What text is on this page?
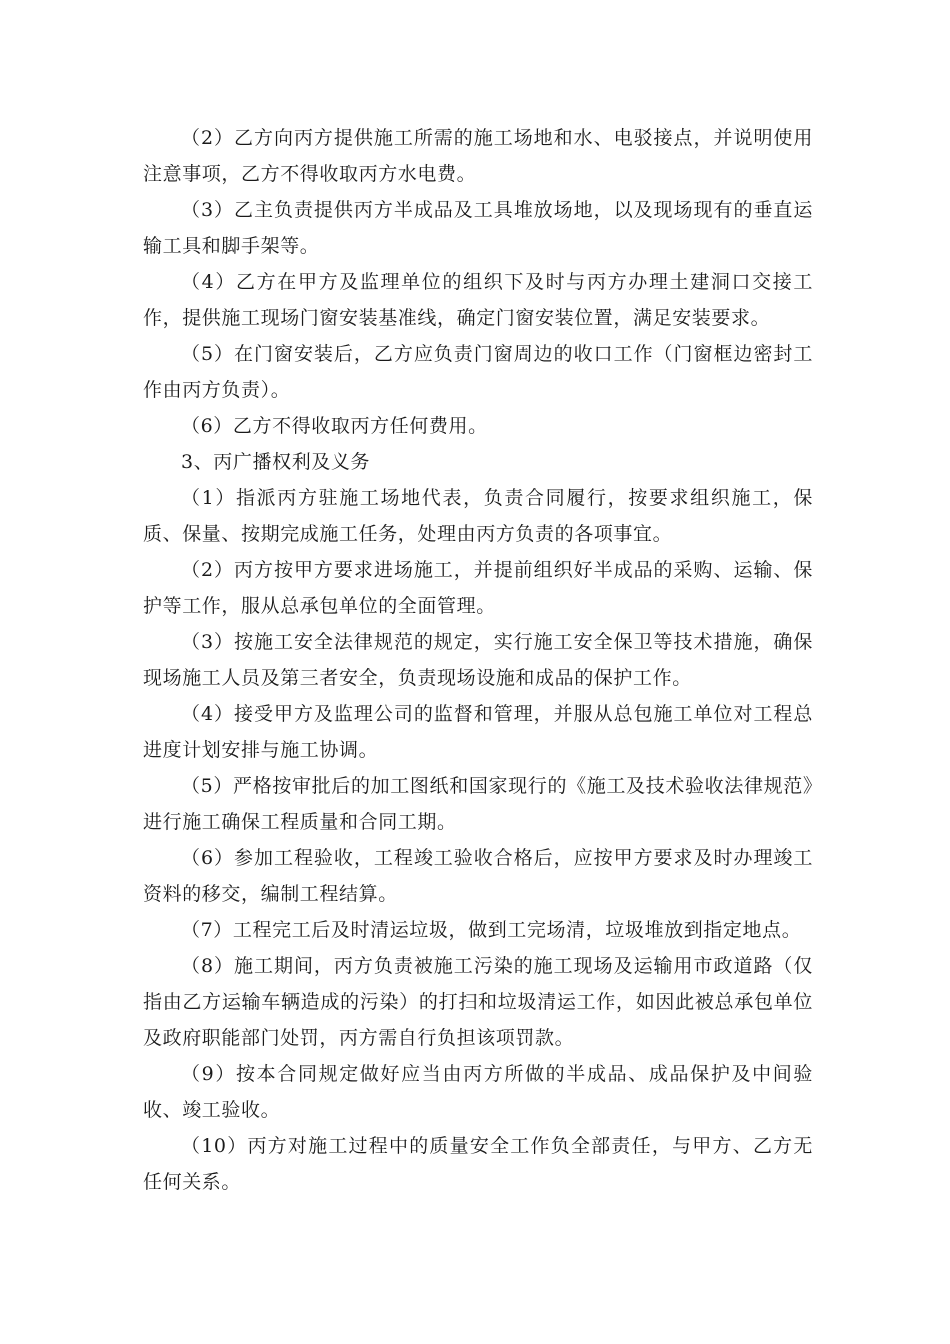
（2）乙方向丙方提供施工所需的施工场地和水、电驳接点，并说明使用注意事项，乙方不得收取丙方水电费。

（3）乙主负责提供丙方半成品及工具堆放场地，以及现场现有的垂直运输工具和脚手架等。

（4）乙方在甲方及监理单位的组织下及时与丙方办理土建洞口交接工作，提供施工现场门窗安装基准线，确定门窗安装位置，满足安装要求。

（5）在门窗安装后，乙方应负责门窗周边的收口工作（门窗框边密封工作由丙方负责）。

（6）乙方不得收取丙方任何费用。

3、丙广播权利及义务

（1）指派丙方驻施工场地代表，负责合同履行，按要求组织施工，保质、保量、按期完成施工任务，处理由丙方负责的各项事宜。

（2）丙方按甲方要求进场施工，并提前组织好半成品的采购、运输、保护等工作，服从总承包单位的全面管理。

（3）按施工安全法律规范的规定，实行施工安全保卫等技术措施，确保现场施工人员及第三者安全，负责现场设施和成品的保护工作。

（4）接受甲方及监理公司的监督和管理，并服从总包施工单位对工程总进度计划安排与施工协调。

（5）严格按审批后的加工图纸和国家现行的《施工及技术验收法律规范》进行施工确保工程质量和合同工期。

（6）参加工程验收，工程竣工验收合格后，应按甲方要求及时办理竣工资料的移交，编制工程结算。

（7）工程完工后及时清运垃圾，做到工完场清，垃圾堆放到指定地点。

（8）施工期间，丙方负责被施工污染的施工现场及运输用市政道路（仅指由乙方运输车辆造成的污染）的打扫和垃圾清运工作，如因此被总承包单位及政府职能部门处罚，丙方需自行负担该项罚款。

（9）按本合同规定做好应当由丙方所做的半成品、成品保护及中间验收、竣工验收。

（10）丙方对施工过程中的质量安全工作负全部责任，与甲方、乙方无任何关系。
